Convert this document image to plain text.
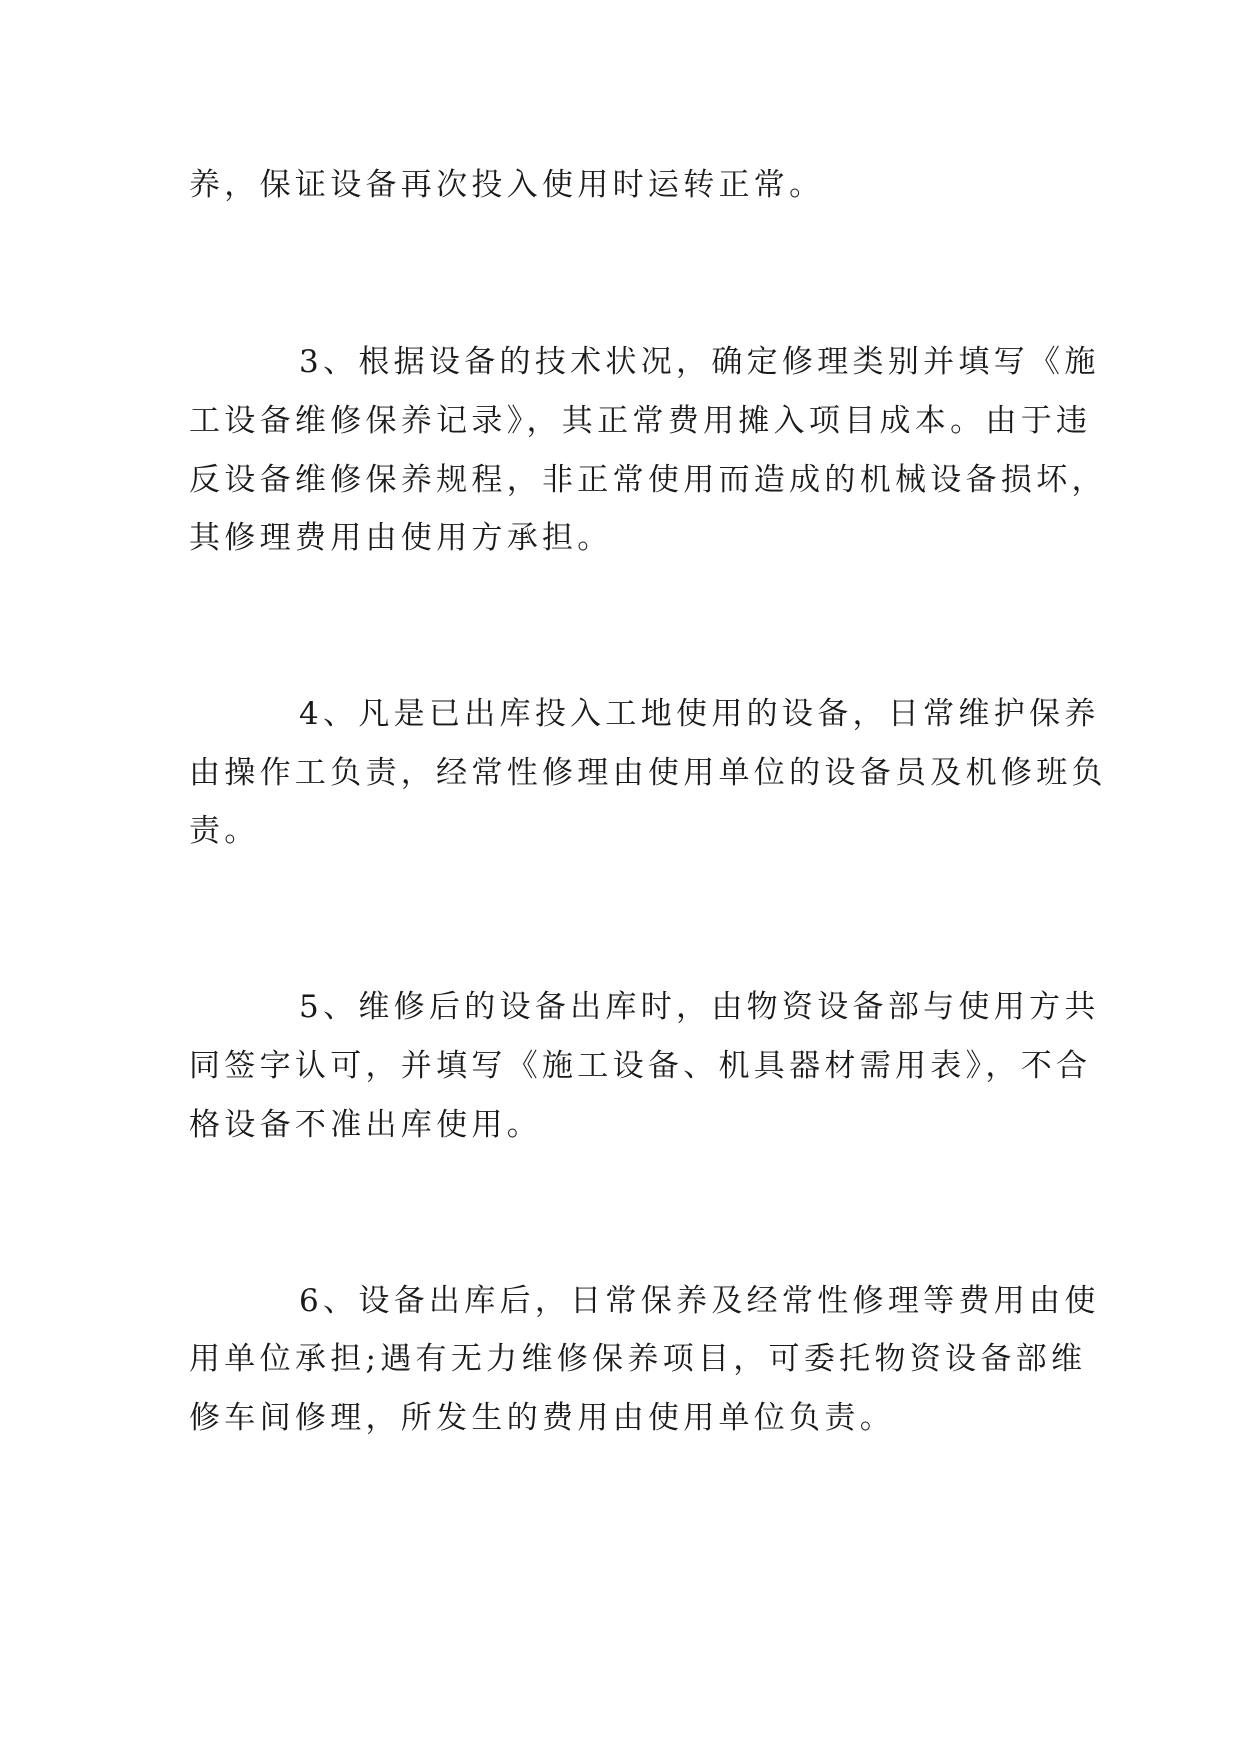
养，保证设备再次投入使用时运转正常。
3、根据设备的技术状况，确定修理类别并填写《施
工设备维修保养记录》，其正常费用摊入项目成本。由于违
反设备维修保养规程，非正常使用而造成的机械设备损坏，
其修理费用由使用方承担。
4、凡是已出库投入工地使用的设备，日常维护保养
由操作工负责，经常性修理由使用单位的设备员及机修班负
责。
5、维修后的设备出库时，由物资设备部与使用方共
同签字认可，并填写《施工设备、机具器材需用表》，不合
格设备不准出库使用。
6、设备出库后，日常保养及经常性修理等费用由使
用单位承担;遇有无力维修保养项目，可委托物资设备部维
修车间修理，所发生的费用由使用单位负责。
